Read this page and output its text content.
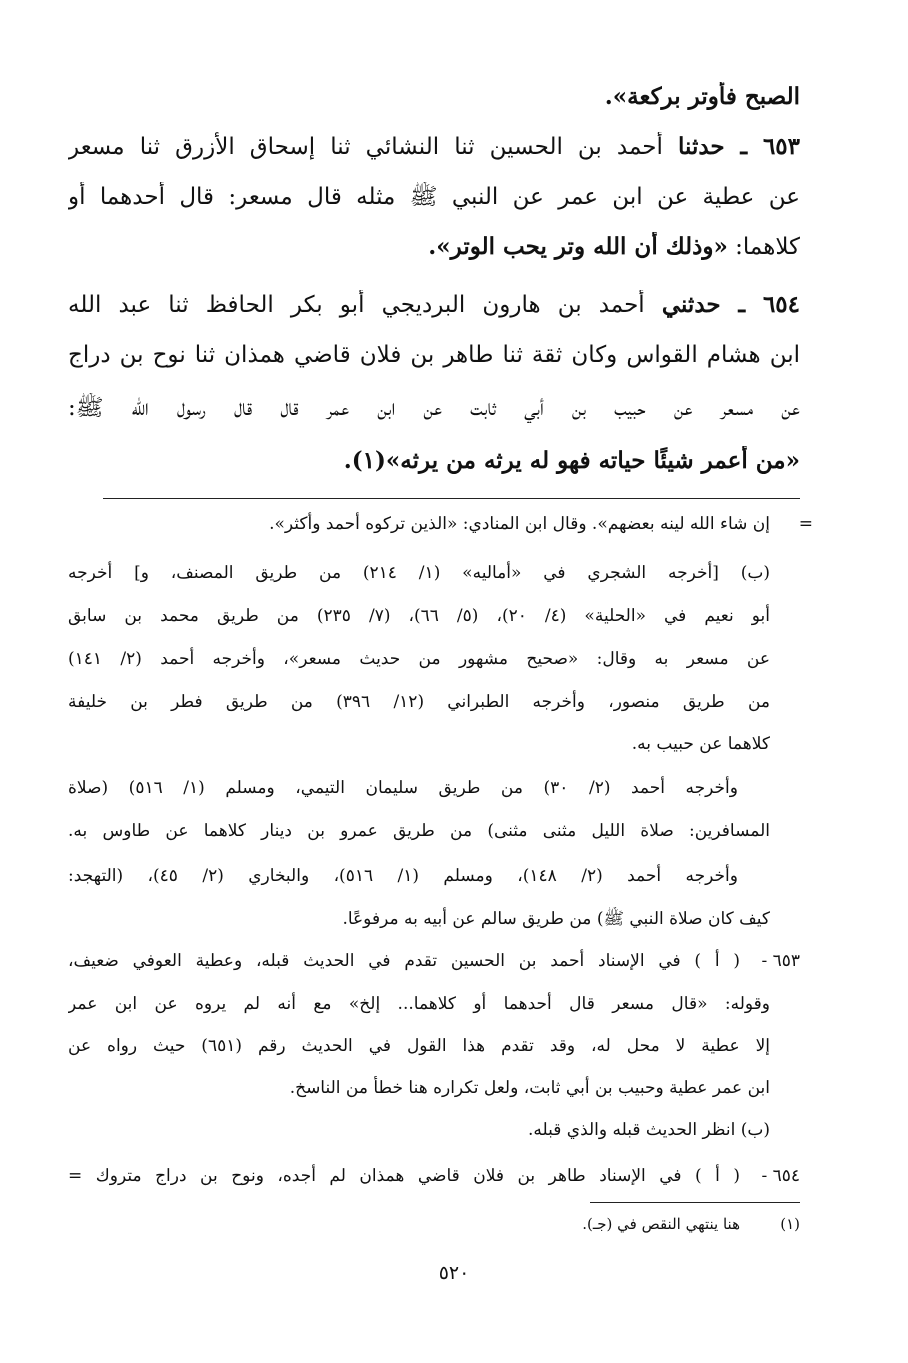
الصبح فأوتر بركعة».
٦٥٣ ـ حدثنا أحمد بن الحسين ثنا النشائي ثنا إسحاق الأزرق ثنا مسعر
عن عطية عن ابن عمر عن النبي ﷺ مثله قال مسعر: قال أحدهما أو
كلاهما: «وذلك أن الله وتر يحب الوتر».
٦٥٤ ـ حدثني أحمد بن هارون البرديجي أبو بكر الحافظ ثنا عبد الله
ابن هشام القواس وكان ثقة ثنا طاهر بن فلان قاضي همذان ثنا نوح بن دراج
عن مسعر عن حبيب بن أبي ثابت عن ابن عمر قال قال رسول الله ﷺ:
«من أعمر شيئًا حياته فهو له يرثه من يرثه»(١).
=
إن شاء الله لينه بعضهم». وقال ابن المنادي: «الذين تركوه أحمد وأكثر».
(ب) [أخرجه الشجري في «أماليه» (١/ ٢١٤) من طريق المصنف، و] أخرجه
أبو نعيم في «الحلية» (٤/ ٢٠)، (٥/ ٦٦)، (٧/ ٢٣٥) من طريق محمد بن سابق
عن مسعر به وقال: «صحيح مشهور من حديث مسعر»، وأخرجه أحمد (٢/ ١٤١)
من طريق منصور، وأخرجه الطبراني (١٢/ ٣٩٦) من طريق فطر بن خليفة
كلاهما عن حبيب به.
وأخرجه أحمد (٢/ ٣٠) من طريق سليمان التيمي، ومسلم (١/ ٥١٦) (صلاة
المسافرين: صلاة الليل مثنى مثنى) من طريق عمرو بن دينار كلاهما عن طاوس به.
وأخرجه أحمد (٢/ ١٤٨)، ومسلم (١/ ٥١٦)، والبخاري (٢/ ٤٥)، (التهجد:
كيف كان صلاة النبي ﷺ) من طريق سالم عن أبيه به مرفوعًا.
٦٥٣ -
( أ ) في الإسناد أحمد بن الحسين تقدم في الحديث قبله، وعطية العوفي ضعيف،
وقوله: «قال مسعر قال أحدهما أو كلاهما... إلخ» مع أنه لم يروه عن ابن عمر
إلا عطية لا محل له، وقد تقدم هذا القول في الحديث رقم (٦٥١) حيث رواه عن
ابن عمر عطية وحبيب بن أبي ثابت، ولعل تكراره هنا خطأ من الناسخ.
(ب) انظر الحديث قبله والذي قبله.
٦٥٤ -
( أ ) في الإسناد طاهر بن فلان قاضي همذان لم أجده، ونوح بن دراج متروك =
(١)
هنا ينتهي النقص في (جـ).
٥٢٠
